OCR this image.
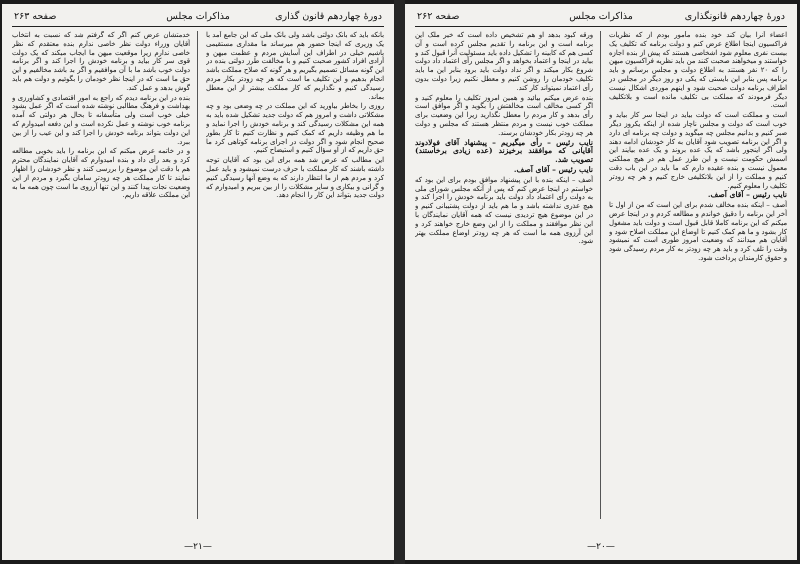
دورهٔ چهاردهم قانون گذاری
مذاکرات مجلس
صفحه ۲۶۳

بانکه باید که بانک دولتی باشد ولی بانک ملی که این جامع آمد با یک وزیری که اینجا حضور هم میرساند ما مقداری مستقیمی باشیم خیلی در اطراف این آسایش مردم و عظمت میهن و آزادی افراد کشور صحبت کنیم و با مخالفت طرز دولتی بنده در این گونه مسائل تصمیم بگیریم و هر گونه که صلاح مملکت باشد انجام بدهیم و این تکلیف ما است که هر چه زودتر بکار مردم رسیدگی کنیم و نگذاریم که کار مملکت بیشتر از این معطل بماند.

روزی را بخاطر بیاورید که این مملکت در چه وضعی بود و چه مشکلاتی داشت و امروز هم که دولت جدید تشکیل شده باید به همه این مشکلات رسیدگی کند و برنامه خودش را اجرا نماید و ما هم وظیفه داریم که کمک کنیم و نظارت کنیم تا کار بطور صحیح انجام شود و اگر دولت در اجرای برنامه کوتاهی کرد ما حق داریم که از او سؤال کنیم و استیضاح کنیم.

این مطالب که عرض شد همه برای این بود که آقایان توجه داشته باشند که کار مملکت با حرف درست نمیشود و باید عمل کرد و مردم هم از ما انتظار دارند که به وضع آنها رسیدگی کنیم و گرانی و بیکاری و سایر مشکلات را از بین ببریم و امیدوارم که دولت جدید بتواند این کار را انجام دهد.

خدمتشان عرض کنم اگر که گرفتم شد که نسبت به انتخاب آقایان وزراء دولت نظر خاصی ندارم بنده معتقدم که نظر خاصی ندارم زیرا موقعیت میهن ما ایجاب میکند که یک دولت قوی سر کار بیاید و برنامه خودش را اجرا کند و اگر برنامه دولت خوب باشد ما با آن موافقیم و اگر بد باشد مخالفیم و این حق ما است که در اینجا نظر خودمان را بگوئیم و دولت هم باید گوش بدهد و عمل کند.

بنده در این برنامه دیدم که راجع به امور اقتصادی و کشاورزی و بهداشت و فرهنگ مطالبی نوشته شده است که اگر عمل بشود خیلی خوب است ولی متأسفانه تا بحال هر دولتی که آمده برنامه خوب نوشته و عمل نکرده است و این دفعه امیدوارم که این دولت بتواند برنامه خودش را اجرا کند و این عیب را از بین ببرد.

و در خاتمه عرض میکنم که این برنامه را باید بخوبی مطالعه کرد و بعد رأی داد و بنده امیدوارم که آقایان نمایندگان محترم هم با دقت این موضوع را بررسی کنند و نظر خودشان را اظهار نمایند تا کار مملکت هر چه زودتر سامان بگیرد و مردم از این وضعیت نجات پیدا کنند و این تنها آرزوی ما است چون همه ما به این مملکت علاقه داریم.

—۲۱—
دورهٔ چهاردهم قانونگذاری
مذاکرات مجلس
صفحه ۲۶۲

اعضاء آنرا بیان کند خود بنده مأمور بودم از که نظریات فراکسیون اینجا اطلاع عرض کنم و دولت برنامه که تکلیف یک بیست نفری معلوم شود اشخاصی هستند که پیش از بنده اجازه خواستند و میخواهند صحبت کنند من باید نظریه فراکسیون میهن را که ۲۰ نفر هستند به اطلاع دولت و مجلس برسانم و باید برنامه پس بنابر این بایستی که یکی دو روز دیگر در مجلس در اطراف برنامه دولت صحبت شود و اینهم موردی اشکال نیست دیگر فرمودند که مملکت بی تکلیف مانده است و بلاتکلیف است.

است و مملکت است که دولت بیاید در اینجا سر کار بیاید و خوب است که دولت و مجلس ناچار شده از اینکه یکروز دیگر صبر کنیم و بدانیم مجلس چه میگوید و دولت چه برنامه ای دارد و اگر این برنامه تصویب شود آقایان به کار خودشان ادامه دهند ولی اگر اینجور باشد که یک عده بروند و یک عده بیایند این اسمش حکومت نیست و این طرز عمل هم در هیچ مملکتی معمول نیست و بنده عقیده دارم که ما باید در این باب دقت کنیم و مملکت را از این بلاتکلیفی خارج کنیم و هر چه زودتر تکلیف را معلوم کنیم.

نایب رئیس – آقای آصف.

آصف – اینکه بنده مخالف شدم برای این است که من از اول تا آخر این برنامه را دقیق خواندم و مطالعه کردم و در اینجا عرض میکنم که این برنامه کاملا قابل قبول است و دولت باید مشغول کار بشود و ما هم کمک کنیم تا اوضاع این مملکت اصلاح شود و آقایان هم میدانند که وضعیت امروز طوری است که نمیشود وقت را تلف کرد و باید هر چه زودتر به کار مردم رسیدگی شود و حقوق کارمندان پرداخت شود.

ورقه کبود بدهد او هم تشخیص داده است که خیر ملک این برنامه است و این برنامه را تقدیم مجلس کرده است و آن کسی هم که کابینه را تشکیل داده باید مسئولیت آنرا قبول کند و بیاید در اینجا و اعتماد بخواهد و اگر مجلس رأی اعتماد داد دولت شروع بکار میکند و اگر نداد دولت باید برود بنابر این ما باید تکلیف خودمان را روشن کنیم و معطل نکنیم زیرا دولت بدون رأی اعتماد نمیتواند کار کند.

بنده عرض میکنم بیائید و همین امروز تکلیف را معلوم کنید و اگر کسی مخالف است مخالفتش را بگوید و اگر موافق است رأی بدهد و کار مردم را معطل نگذارید زیرا این وضعیت برای مملکت خوب نیست و مردم منتظر هستند که مجلس و دولت هر چه زودتر بکار خودشان برسند.

نایب رئیس – رأی میگیریم – پیشنهاد آقای فولادوند آقایانی که موافقند برخیزند (عده زیادی برخاستند) تصویب شد.

نایب رئیس – آقای آصف.

آصف – اینکه بنده با این پیشنهاد موافق بودم برای این بود که خواستم در اینجا عرض کنم که پس از آنکه مجلس شورای ملی به دولت رأی اعتماد داد دولت باید برنامه خودش را اجرا کند و هیچ عذری نداشته باشد و ما هم باید از دولت پشتیبانی کنیم و در این موضوع هیچ تردیدی نیست که همه آقایان نمایندگان با این نظر موافقند و مملکت را از این وضع خارج خواهند کرد و این آرزوی همه ما است که هر چه زودتر اوضاع مملکت بهتر شود.

—۲۰—
